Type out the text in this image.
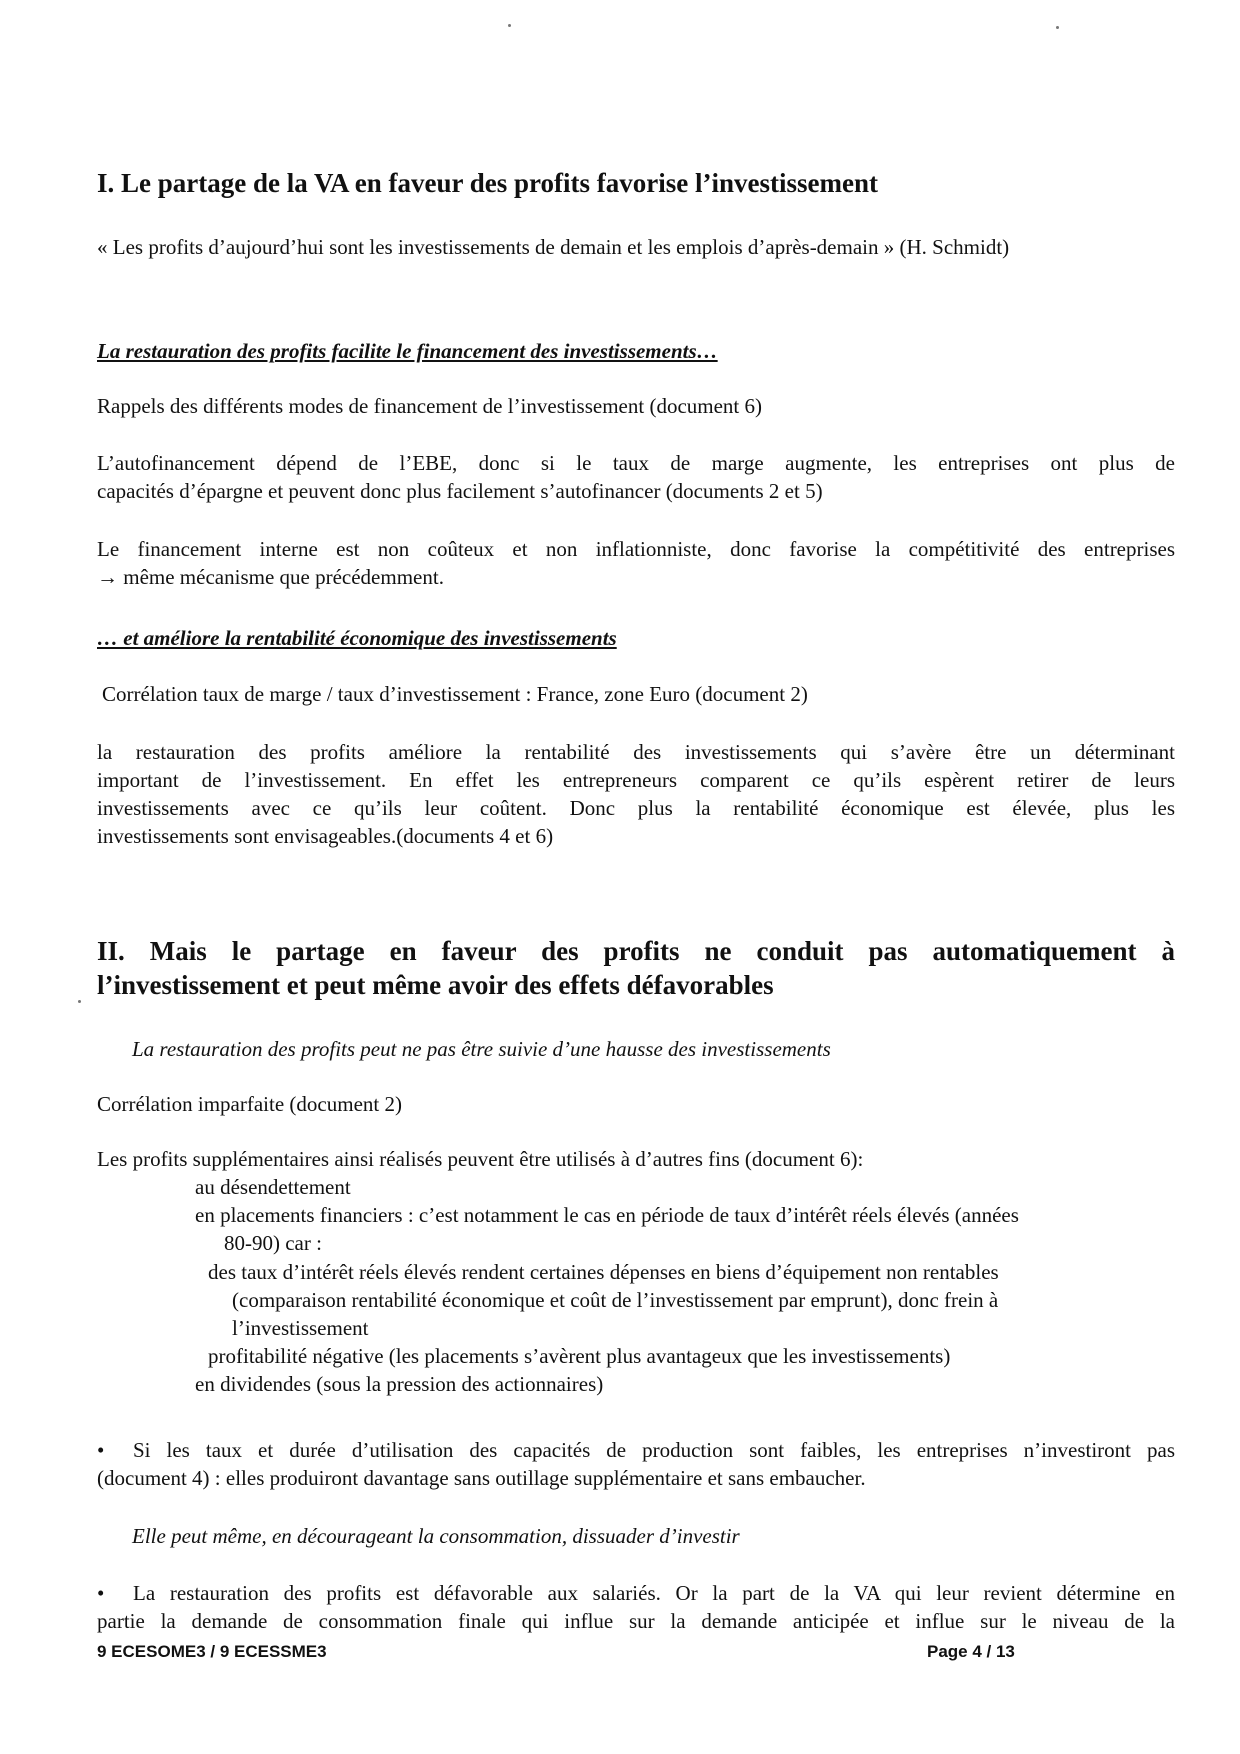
I. Le partage de la VA en faveur des profits favorise l’investissement
« Les profits d’aujourd’hui sont les investissements de demain et les emplois d’après-demain » (H. Schmidt)
La restauration des profits facilite le financement des investissements…
Rappels des différents modes de financement de l’investissement (document 6)
L’autofinancement dépend de l’EBE, donc si le taux de marge augmente, les entreprises ont plus de
capacités d’épargne et peuvent donc plus facilement s’autofinancer (documents 2 et 5)
Le financement interne est non coûteux et non inflationniste, donc favorise la compétitivité des entreprises
→ même mécanisme que précédemment.
… et améliore la rentabilité économique des investissements
Corrélation taux de marge / taux d’investissement : France, zone Euro (document 2)
la restauration des profits améliore la rentabilité des investissements qui s’avère être un déterminant
important de l’investissement. En effet les entrepreneurs comparent ce qu’ils espèrent retirer de leurs
investissements avec ce qu’ils leur coûtent. Donc plus la rentabilité économique est élevée, plus les
investissements sont envisageables.(documents 4 et 6)
II. Mais le partage en faveur des profits ne conduit pas automatiquement à
l’investissement et peut même avoir des effets défavorables
La restauration des profits peut ne pas être suivie d’une hausse des investissements
Corrélation imparfaite (document 2)
Les profits supplémentaires ainsi réalisés peuvent être utilisés à d’autres fins (document 6):
au désendettement
en placements financiers : c’est notamment le cas en période de taux d’intérêt réels élevés (années
80-90) car :
des taux d’intérêt réels élevés rendent certaines dépenses en biens d’équipement non rentables
(comparaison rentabilité économique et coût de l’investissement par emprunt), donc frein à
l’investissement
profitabilité négative (les placements s’avèrent plus avantageux que les investissements)
en dividendes (sous la pression des actionnaires)
• Si les taux et durée d’utilisation des capacités de production sont faibles, les entreprises n’investiront pas
(document 4) : elles produiront davantage sans outillage supplémentaire et sans embaucher.
Elle peut même, en décourageant la consommation, dissuader d’investir
• La restauration des profits est défavorable aux salariés. Or la part de la VA qui leur revient détermine en
partie la demande de consommation finale qui influe sur la demande anticipée et influe sur le niveau de la
9 ECESOME3 / 9 ECESSME3	Page 4 / 13
